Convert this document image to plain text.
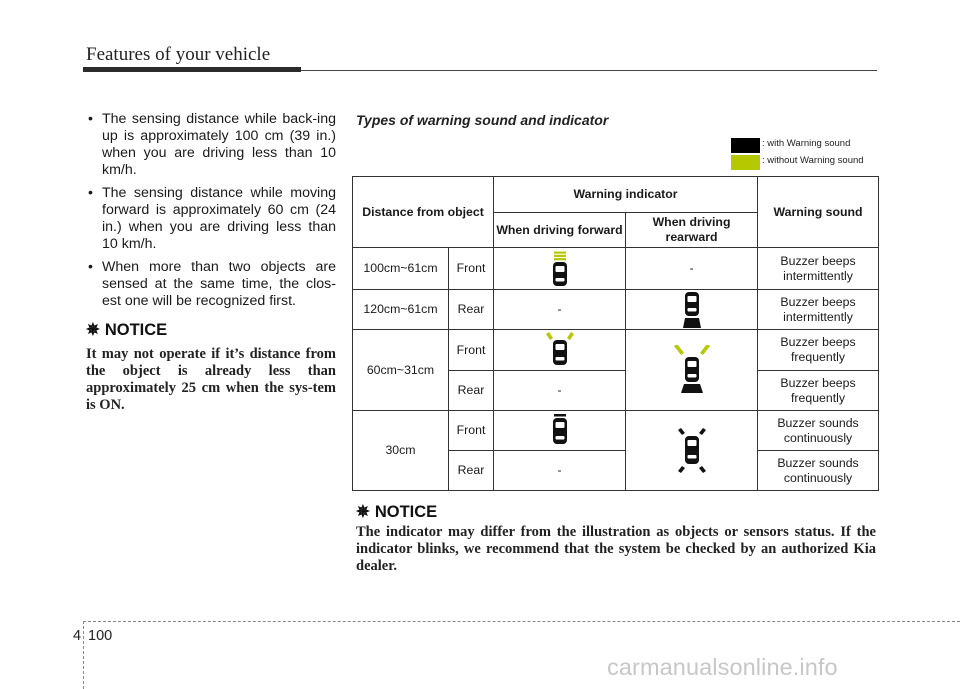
Features of your vehicle
• The sensing distance while back-ing up is approximately 100 cm (39 in.) when you are driving less than 10 km/h.
• The sensing distance while moving forward is approximately 60 cm (24 in.) when you are driving less than 10 km/h.
• When more than two objects are sensed at the same time, the clos-est one will be recognized first.
✵ NOTICE
It may not operate if it’s distance from the object is already less than approximately 25 cm when the sys-tem is ON.
Types of warning sound and indicator
: with Warning sound
: without Warning sound
Distance from object		Warning indicator		Warning sound
		When driving forward	When driving rearward	
100cm~61cm	Front		-	Buzzer beeps intermittently
120cm~61cm	Rear	-		Buzzer beeps intermittently
60cm~31cm	Front			Buzzer beeps frequently
	Rear	-		Buzzer beeps frequently
30cm	Front			Buzzer sounds continuously
	Rear	-		Buzzer sounds continuously
✵ NOTICE
The indicator may differ from the illustration as objects or sensors status. If the indicator blinks, we recommend that the system be checked by an authorized Kia dealer.
4 100
carmanualsonline.info
